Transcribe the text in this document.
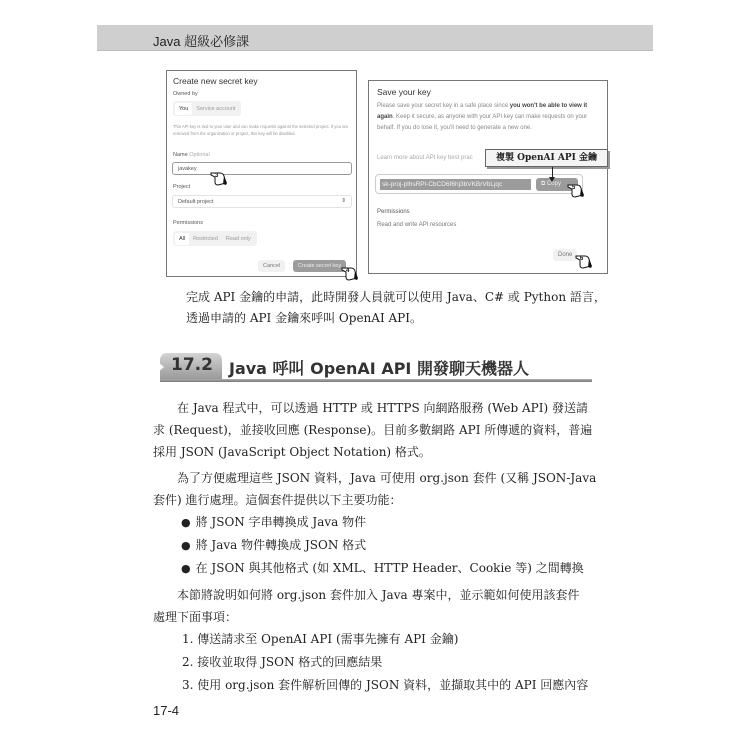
Java 超級必修課
Create new secret key
Owned by
You	Service account
This API key is tied to your user and can make requests against the selected project. If you are removed from the organization or project, this key will be disabled.
Name Optional
javakey
Project
Default project	⇕
Permissions
All	Restricted	Read only
Cancel	Create secret key
Save your key
Please save your secret key in a safe place since you won't be able to view it again. Keep it secure, as anyone with your API key can make requests on your behalf. If you do lose it, you'll need to generate a new one.
Learn more about API key best prac
sk-proj-plhsRPl-CbCD6f6hj3bVKBrVbLjqc	⧉ Copy
Permissions
Read and write API resources
Done
複製 OpenAI API 金鑰
3
4
5
6
完成 API 金鑰的申請，此時開發人員就可以使用 Java、C# 或 Python 語言，
透過申請的 API 金鑰來呼叫 OpenAI API。
17.2 Java 呼叫 OpenAI API 開發聊天機器人
在 Java 程式中，可以透過 HTTP 或 HTTPS 向網路服務 (Web API) 發送請
求 (Request)，並接收回應 (Response)。目前多數網路 API 所傳遞的資料，普遍
採用 JSON (JavaScript Object Notation) 格式。
為了方便處理這些 JSON 資料，Java 可使用 org.json 套件 (又稱 JSON-Java
套件) 進行處理。這個套件提供以下主要功能：
● 將 JSON 字串轉換成 Java 物件
● 將 Java 物件轉換成 JSON 格式
● 在 JSON 與其他格式 (如 XML、HTTP Header、Cookie 等) 之間轉換
本節將說明如何將 org.json 套件加入 Java 專案中，並示範如何使用該套件
處理下面事項：
1. 傳送請求至 OpenAI API (需事先擁有 API 金鑰)
2. 接收並取得 JSON 格式的回應結果
3. 使用 org.json 套件解析回傳的 JSON 資料，並擷取其中的 API 回應內容
17-4
